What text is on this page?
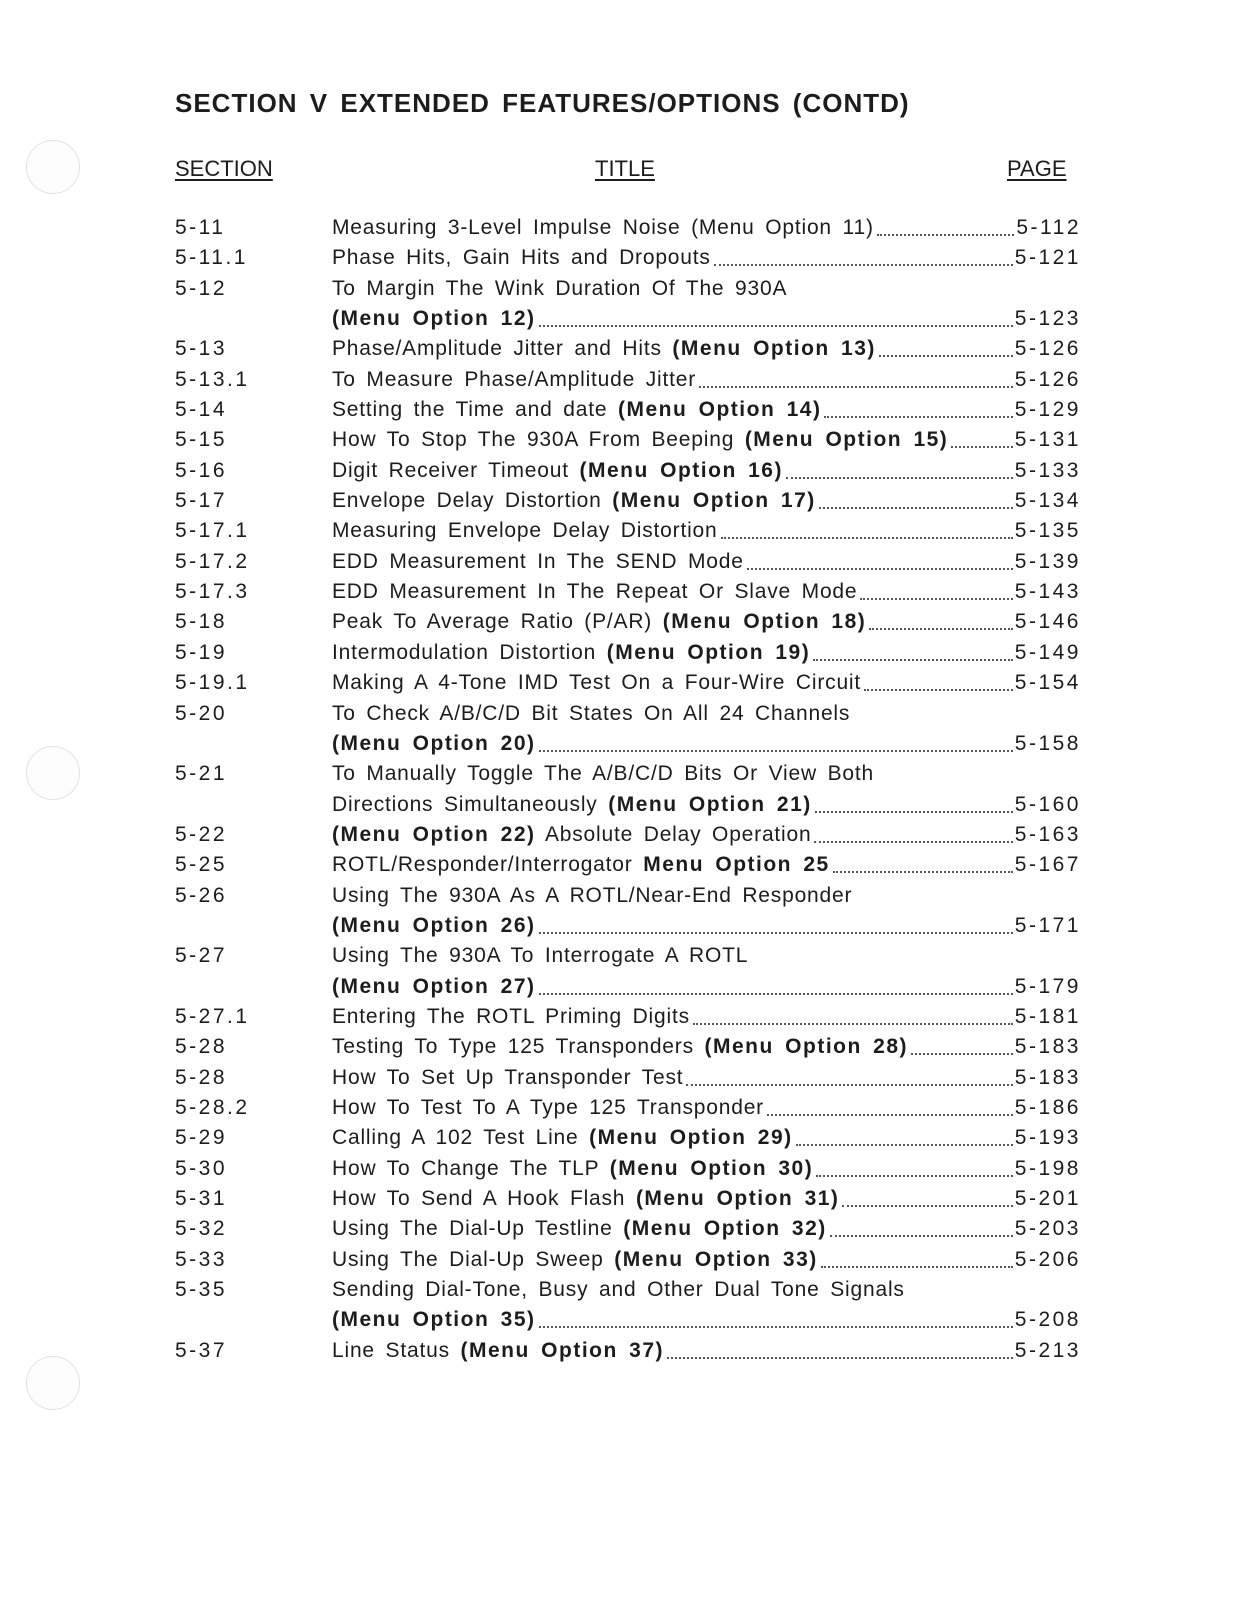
SECTION V EXTENDED FEATURES/OPTIONS (CONTD)
SECTION	TITLE	PAGE
5-11	Measuring 3-Level Impulse Noise (Menu Option 11)	5-112
5-11.1	Phase Hits, Gain Hits and Dropouts	5-121
5-12	To Margin The Wink Duration Of The 930A
(Menu Option 12)	5-123
5-13	Phase/Amplitude Jitter and Hits (Menu Option 13)	5-126
5-13.1	To Measure Phase/Amplitude Jitter	5-126
5-14	Setting the Time and date (Menu Option 14)	5-129
5-15	How To Stop The 930A From Beeping (Menu Option 15)	5-131
5-16	Digit Receiver Timeout (Menu Option 16)	5-133
5-17	Envelope Delay Distortion (Menu Option 17)	5-134
5-17.1	Measuring Envelope Delay Distortion	5-135
5-17.2	EDD Measurement In The SEND Mode	5-139
5-17.3	EDD Measurement In The Repeat Or Slave Mode	5-143
5-18	Peak To Average Ratio (P/AR) (Menu Option 18)	5-146
5-19	Intermodulation Distortion (Menu Option 19)	5-149
5-19.1	Making A 4-Tone IMD Test On a Four-Wire Circuit	5-154
5-20	To Check A/B/C/D Bit States On All 24 Channels
(Menu Option 20)	5-158
5-21	To Manually Toggle The A/B/C/D Bits Or View Both
Directions Simultaneously (Menu Option 21)	5-160
5-22	(Menu Option 22) Absolute Delay Operation	5-163
5-25	ROTL/Responder/Interrogator Menu Option 25	5-167
5-26	Using The 930A As A ROTL/Near-End Responder
(Menu Option 26)	5-171
5-27	Using The 930A To Interrogate A ROTL
(Menu Option 27)	5-179
5-27.1	Entering The ROTL Priming Digits	5-181
5-28	Testing To Type 125 Transponders (Menu Option 28)	5-183
5-28	How To Set Up Transponder Test	5-183
5-28.2	How To Test To A Type 125 Transponder	5-186
5-29	Calling A 102 Test Line (Menu Option 29)	5-193
5-30	How To Change The TLP (Menu Option 30)	5-198
5-31	How To Send A Hook Flash (Menu Option 31)	5-201
5-32	Using The Dial-Up Testline (Menu Option 32)	5-203
5-33	Using The Dial-Up Sweep (Menu Option 33)	5-206
5-35	Sending Dial-Tone, Busy and Other Dual Tone Signals
(Menu Option 35)	5-208
5-37	Line Status (Menu Option 37)	5-213
